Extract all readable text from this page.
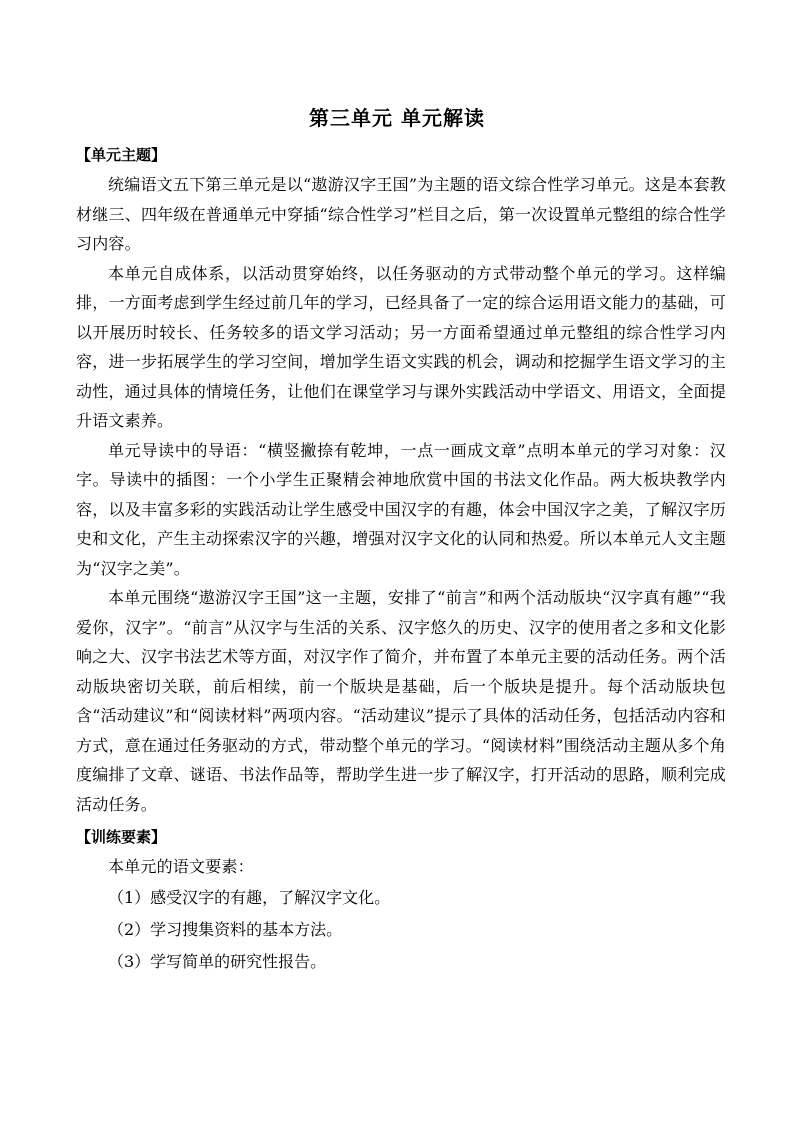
第三单元 单元解读
【单元主题】

统编语文五下第三单元是以“遨游汉字王国”为主题的语文综合性学习单元。这是本套教材继三、四年级在普通单元中穿插“综合性学习”栏目之后，第一次设置单元整组的综合性学习内容。

本单元自成体系，以活动贯穿始终，以任务驱动的方式带动整个单元的学习。这样编排，一方面考虑到学生经过前几年的学习，已经具备了一定的综合运用语文能力的基础，可以开展历时较长、任务较多的语文学习活动；另一方面希望通过单元整组的综合性学习内容，进一步拓展学生的学习空间，增加学生语文实践的机会，调动和挖掘学生语文学习的主动性，通过具体的情境任务，让他们在课堂学习与课外实践活动中学语文、用语文，全面提升语文素养。

单元导读中的导语：“横竖撇捺有乾坤，一点一画成文章”点明本单元的学习对象：汉字。导读中的插图：一个小学生正聚精会神地欣赏中国的书法文化作品。两大板块教学内容，以及丰富多彩的实践活动让学生感受中国汉字的有趣，体会中国汉字之美，了解汉字历史和文化，产生主动探索汉字的兴趣，增强对汉字文化的认同和热爱。所以本单元人文主题为“汉字之美”。

本单元围绕“遨游汉字王国”这一主题，安排了“前言”和两个活动版块“汉字真有趣”“我爱你，汉字”。“前言”从汉字与生活的关系、汉字悠久的历史、汉字的使用者之多和文化影响之大、汉字书法艺术等方面，对汉字作了简介，并布置了本单元主要的活动任务。两个活动版块密切关联，前后相续，前一个版块是基础，后一个版块是提升。每个活动版块包含“活动建议”和“阅读材料”两项内容。“活动建议”提示了具体的活动任务，包括活动内容和方式，意在通过任务驱动的方式，带动整个单元的学习。“阅读材料”围绕活动主题从多个角度编排了文章、谜语、书法作品等，帮助学生进一步了解汉字，打开活动的思路，顺利完成活动任务。

【训练要素】

本单元的语文要素：

（1）感受汉字的有趣，了解汉字文化。

（2）学习搜集资料的基本方法。

（3）学写简单的研究性报告。
